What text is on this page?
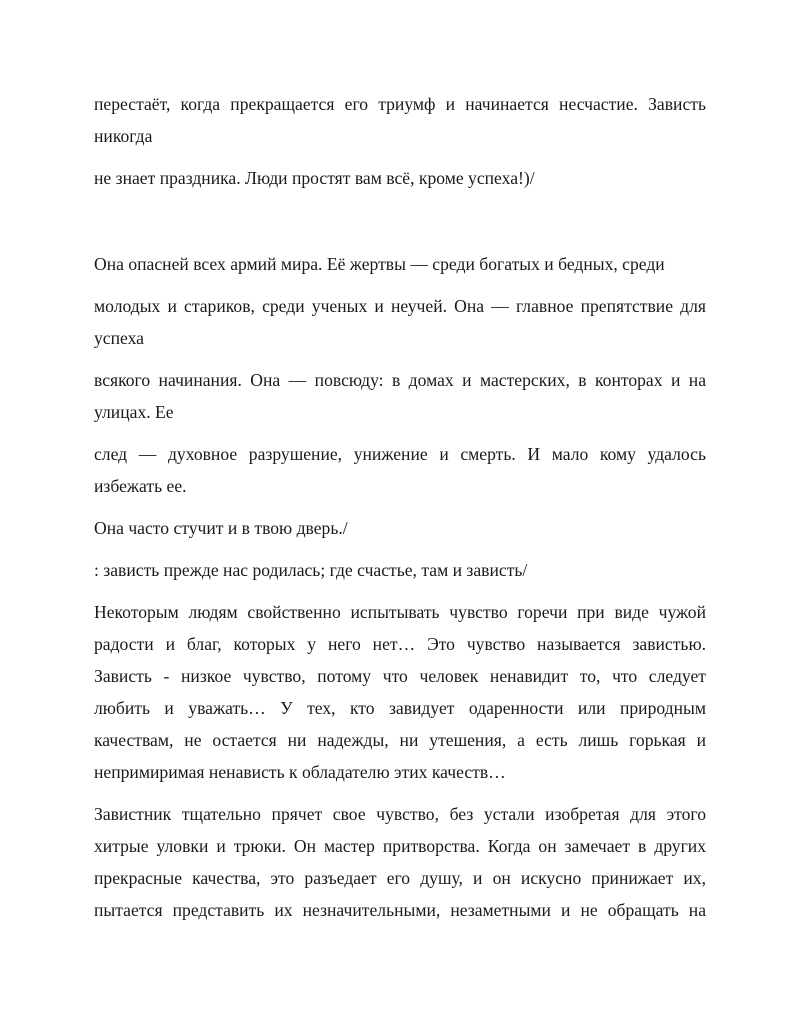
перестаёт, когда прекращается его триумф и начинается несчастие. Зависть
никогда
не знает праздника. Люди простят вам всё, кроме успеха!)/
Она опасней всех армий мира. Её жертвы — среди богатых и бедных, среди
молодых и стариков, среди ученых и неучей. Она — главное препятствие для
успеха
всякого начинания. Она — повсюду: в домах и мастерских, в конторах и на
улицах. Ее
след — духовное разрушение, унижение и смерть. И мало кому удалось
избежать ее.
Она часто стучит и в твою дверь./
: зависть прежде нас родилась; где счастье, там и зависть/
Некоторым людям свойственно испытывать чувство горечи при виде чужой
радости и благ, которых у него нет… Это чувство называется завистью.
Зависть - низкое чувство, потому что человек ненавидит то, что следует
любить и уважать… У тех, кто завидует одаренности или природным
качествам, не остается ни надежды, ни утешения, а есть лишь горькая и
непримиримая ненависть к обладателю этих качеств…
Завистник тщательно прячет свое чувство, без устали изобретая для этого
хитрые уловки и трюки. Он мастер притворства. Когда он замечает в других
прекрасные качества, это разъедает его душу, и он искусно принижает их,
пытается представить их незначительными, незаметными и не обращать на
